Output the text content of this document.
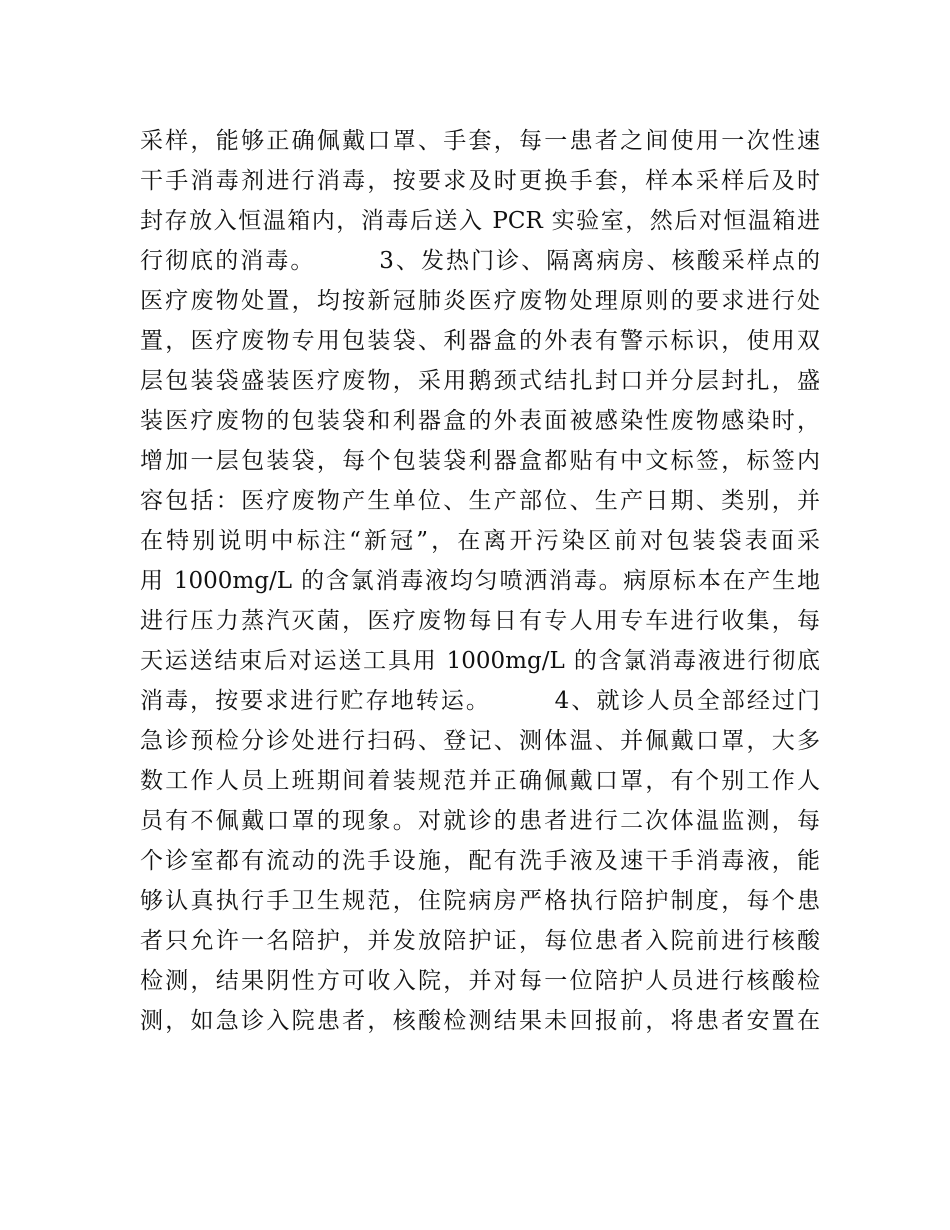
采样，能够正确佩戴口罩、手套，每一患者之间使用一次性速
干手消毒剂进行消毒，按要求及时更换手套，样本采样后及时
封存放入恒温箱内，消毒后送入 PCR 实验室，然后对恒温箱进
行彻底的消毒。　　　3、发热门诊、隔离病房、核酸采样点的
医疗废物处置，均按新冠肺炎医疗废物处理原则的要求进行处
置，医疗废物专用包装袋、利器盒的外表有警示标识，使用双
层包装袋盛装医疗废物，采用鹅颈式结扎封口并分层封扎，盛
装医疗废物的包装袋和利器盒的外表面被感染性废物感染时，
增加一层包装袋，每个包装袋利器盒都贴有中文标签，标签内
容包括：医疗废物产生单位、生产部位、生产日期、类别，并
在特别说明中标注“新冠”，在离开污染区前对包装袋表面采
用 1000mg/L 的含氯消毒液均匀喷洒消毒。病原标本在产生地
进行压力蒸汽灭菌，医疗废物每日有专人用专车进行收集，每
天运送结束后对运送工具用 1000mg/L 的含氯消毒液进行彻底
消毒，按要求进行贮存地转运。　　　4、就诊人员全部经过门
急诊预检分诊处进行扫码、登记、测体温、并佩戴口罩，大多
数工作人员上班期间着装规范并正确佩戴口罩，有个别工作人
员有不佩戴口罩的现象。对就诊的患者进行二次体温监测，每
个诊室都有流动的洗手设施，配有洗手液及速干手消毒液，能
够认真执行手卫生规范，住院病房严格执行陪护制度，每个患
者只允许一名陪护，并发放陪护证，每位患者入院前进行核酸
检测，结果阴性方可收入院，并对每一位陪护人员进行核酸检
测，如急诊入院患者，核酸检测结果未回报前，将患者安置在
